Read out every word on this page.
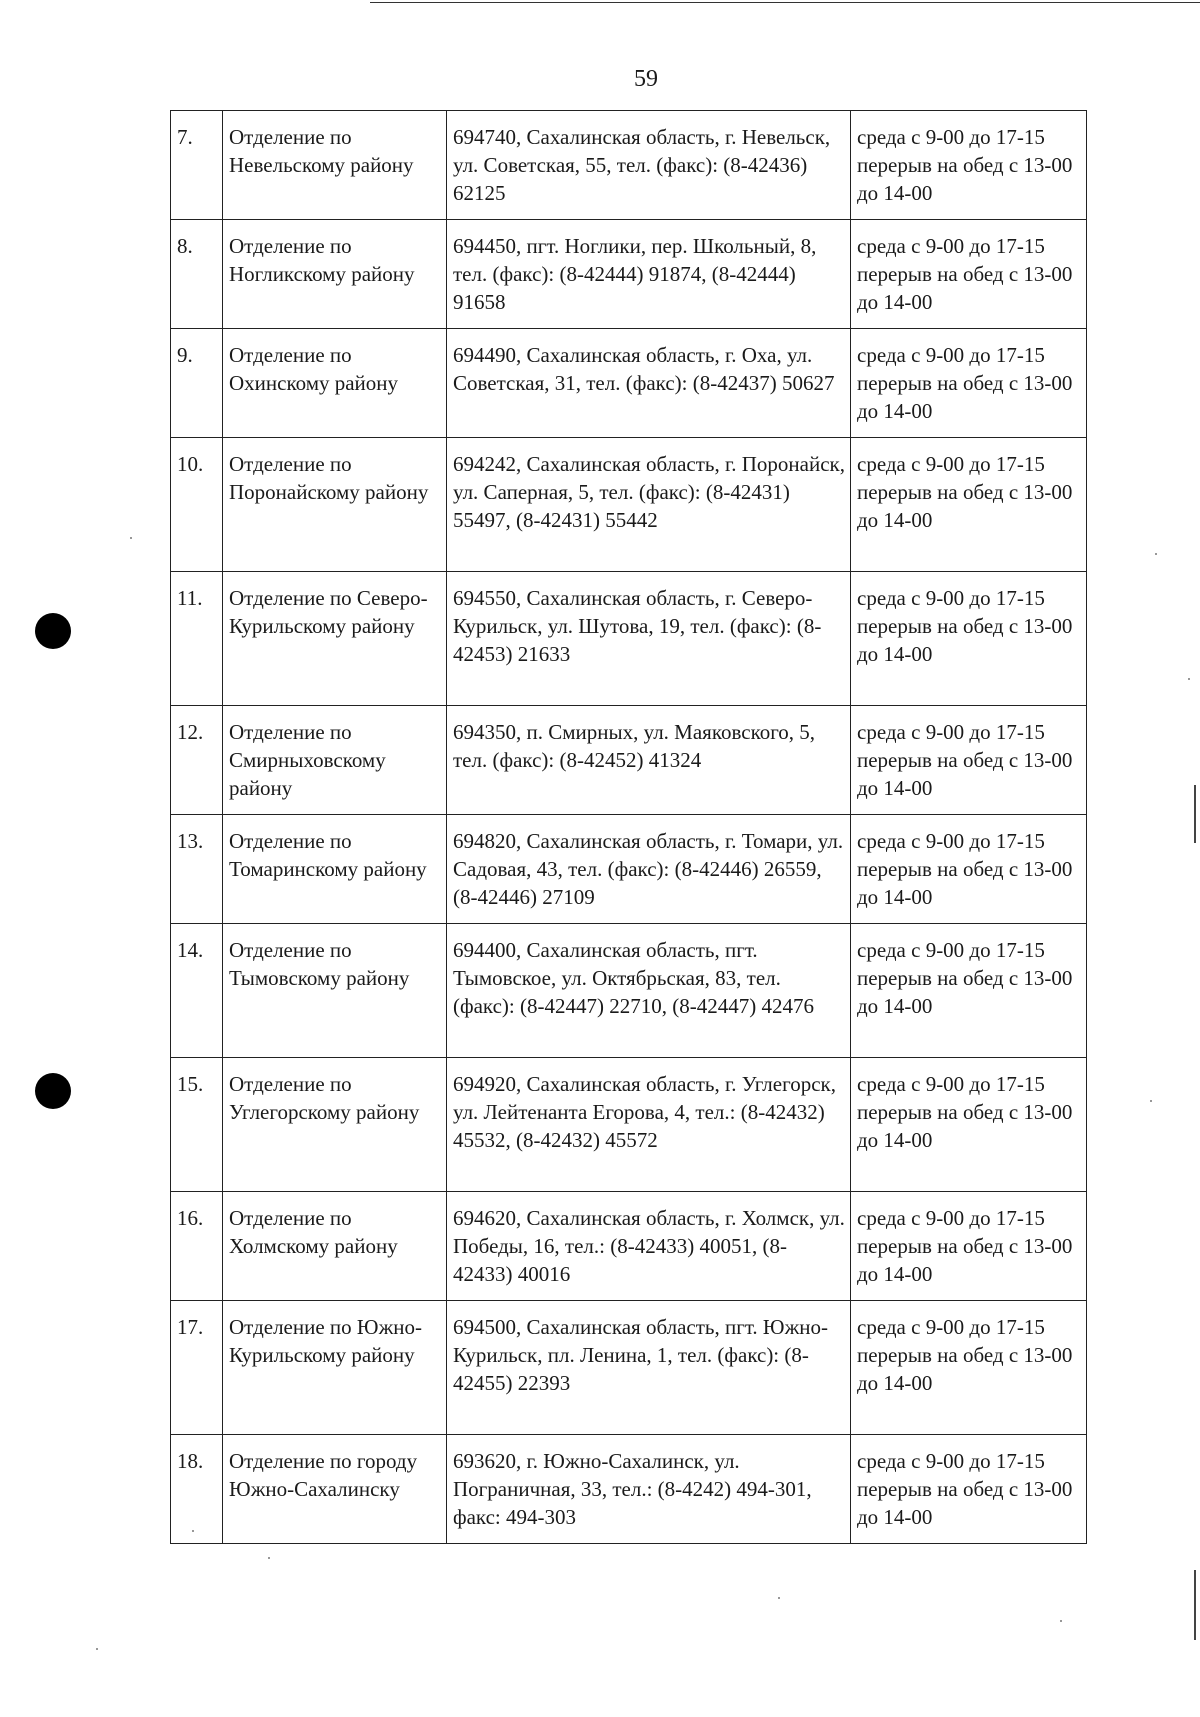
59
7.	Отделение по Невельскому району	694740, Сахалинская область, г. Невельск, ул. Советская, 55, тел. (факс): (8-42436) 62125	среда с 9-00 до 17-15 перерыв на обед с 13-00 до 14-00
8.	Отделение по Ногликскому району	694450, пгт. Ноглики, пер. Школьный, 8, тел. (факс): (8-42444) 91874, (8-42444) 91658	среда с 9-00 до 17-15 перерыв на обед с 13-00 до 14-00
9.	Отделение по Охинскому району	694490, Сахалинская область, г. Оха, ул. Советская, 31, тел. (факс): (8-42437) 50627	среда с 9-00 до 17-15 перерыв на обед с 13-00 до 14-00
10.	Отделение по Поронайскому району	694242, Сахалинская область, г. Поронайск, ул. Саперная, 5, тел. (факс): (8-42431) 55497, (8-42431) 55442	среда с 9-00 до 17-15 перерыв на обед с 13-00 до 14-00
11.	Отделение по Северо-Курильскому району	694550, Сахалинская область, г. Северо-Курильск, ул. Шутова, 19, тел. (факс): (8-42453) 21633	среда с 9-00 до 17-15 перерыв на обед с 13-00 до 14-00
12.	Отделение по Смирныховскому району	694350, п. Смирных, ул. Маяковского, 5, тел. (факс): (8-42452) 41324	среда с 9-00 до 17-15 перерыв на обед с 13-00 до 14-00
13.	Отделение по Томаринскому району	694820, Сахалинская область, г. Томари, ул. Садовая, 43, тел. (факс): (8-42446) 26559, (8-42446) 27109	среда с 9-00 до 17-15 перерыв на обед с 13-00 до 14-00
14.	Отделение по Тымовскому району	694400, Сахалинская область, пгт. Тымовское, ул. Октябрьская, 83, тел. (факс): (8-42447) 22710, (8-42447) 42476	среда с 9-00 до 17-15 перерыв на обед с 13-00 до 14-00
15.	Отделение по Углегорскому району	694920, Сахалинская область, г. Углегорск, ул. Лейтенанта Егорова, 4, тел.: (8-42432) 45532, (8-42432) 45572	среда с 9-00 до 17-15 перерыв на обед с 13-00 до 14-00
16.	Отделение по Холмскому району	694620, Сахалинская область, г. Холмск, ул. Победы, 16, тел.: (8-42433) 40051, (8-42433) 40016	среда с 9-00 до 17-15 перерыв на обед с 13-00 до 14-00
17.	Отделение по Южно-Курильскому району	694500, Сахалинская область, пгт. Южно-Курильск, пл. Ленина, 1, тел. (факс): (8-42455) 22393	среда с 9-00 до 17-15 перерыв на обед с 13-00 до 14-00
18.	Отделение по городу Южно-Сахалинску	693620, г. Южно-Сахалинск, ул. Пограничная, 33, тел.: (8-4242) 494-301, факс: 494-303	среда с 9-00 до 17-15 перерыв на обед с 13-00 до 14-00
